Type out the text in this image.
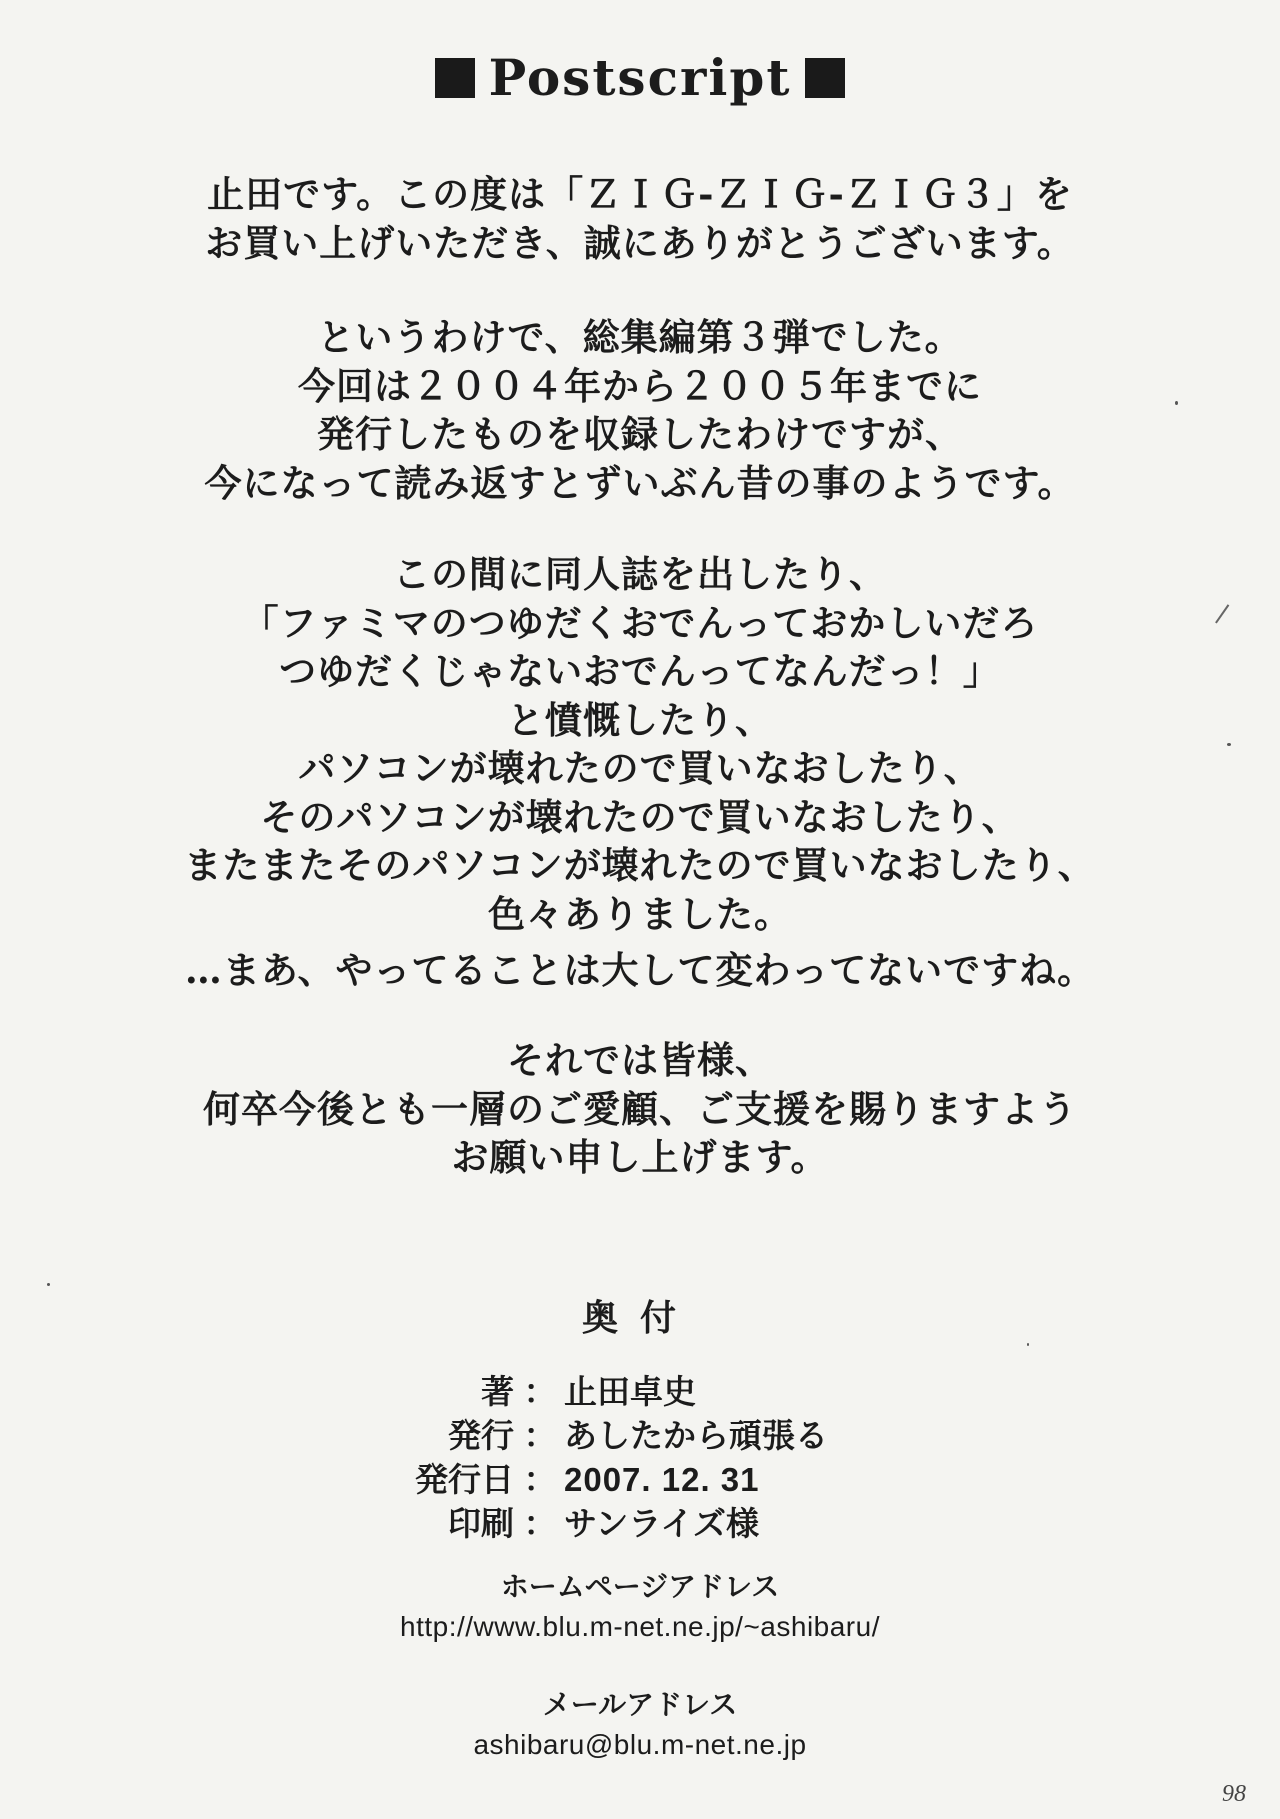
Postscript
止田です。この度は「ＺＩＧ-ＺＩＧ-ＺＩＧ３」を
お買い上げいただき、誠にありがとうございます。
というわけで、総集編第３弾でした。
今回は２００４年から２００５年までに
発行したものを収録したわけですが、
今になって読み返すとずいぶん昔の事のようです。
この間に同人誌を出したり、
「ファミマのつゆだくおでんっておかしいだろ
つゆだくじゃないおでんってなんだっ！」
と憤慨したり、
パソコンが壊れたので買いなおしたり、
そのパソコンが壊れたので買いなおしたり、
またまたそのパソコンが壊れたので買いなおしたり、
色々ありました。
…まあ、やってることは大して変わってないですね。
それでは皆様、
何卒今後とも一層のご愛顧、ご支援を賜りますよう
お願い申し上げます。
奥付
著 ： 止田卓史
発行 ： あしたから頑張る
発行日 ： 2007. 12. 31
印刷 ： サンライズ様
ホームページアドレス
http://www.blu.m-net.ne.jp/~ashibaru/
メールアドレス
ashibaru@blu.m-net.ne.jp
98
